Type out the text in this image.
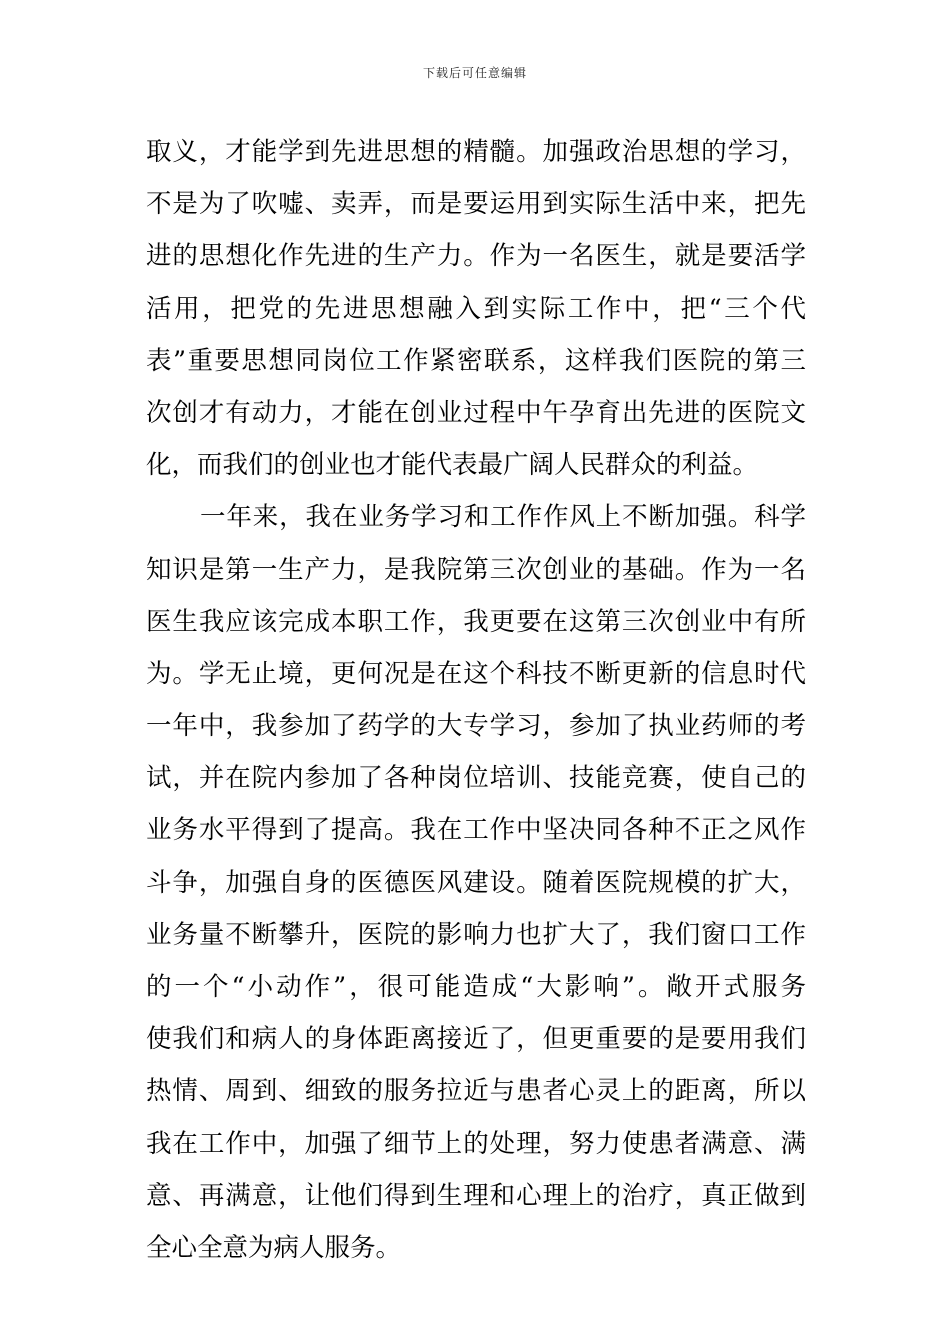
下载后可任意编辑
取义，才能学到先进思想的精髓。加强政治思想的学习，
不是为了吹嘘、卖弄，而是要运用到实际生活中来，把先
进的思想化作先进的生产力。作为一名医生，就是要活学
活用，把党的先进思想融入到实际工作中，把“三个代
表”重要思想同岗位工作紧密联系，这样我们医院的第三
次创才有动力，才能在创业过程中午孕育出先进的医院文
化，而我们的创业也才能代表最广阔人民群众的利益。
一年来，我在业务学习和工作作风上不断加强。科学
知识是第一生产力，是我院第三次创业的基础。作为一名
医生我应该完成本职工作，我更要在这第三次创业中有所
为。学无止境，更何况是在这个科技不断更新的信息时代
一年中，我参加了药学的大专学习，参加了执业药师的考
试，并在院内参加了各种岗位培训、技能竞赛，使自己的
业务水平得到了提高。我在工作中坚决同各种不正之风作
斗争，加强自身的医德医风建设。随着医院规模的扩大，
业务量不断攀升，医院的影响力也扩大了，我们窗口工作
的一个“小动作”，很可能造成“大影响”。敞开式服务
使我们和病人的身体距离接近了，但更重要的是要用我们
热情、周到、细致的服务拉近与患者心灵上的距离，所以
我在工作中，加强了细节上的处理，努力使患者满意、满
意、再满意，让他们得到生理和心理上的治疗，真正做到
全心全意为病人服务。
